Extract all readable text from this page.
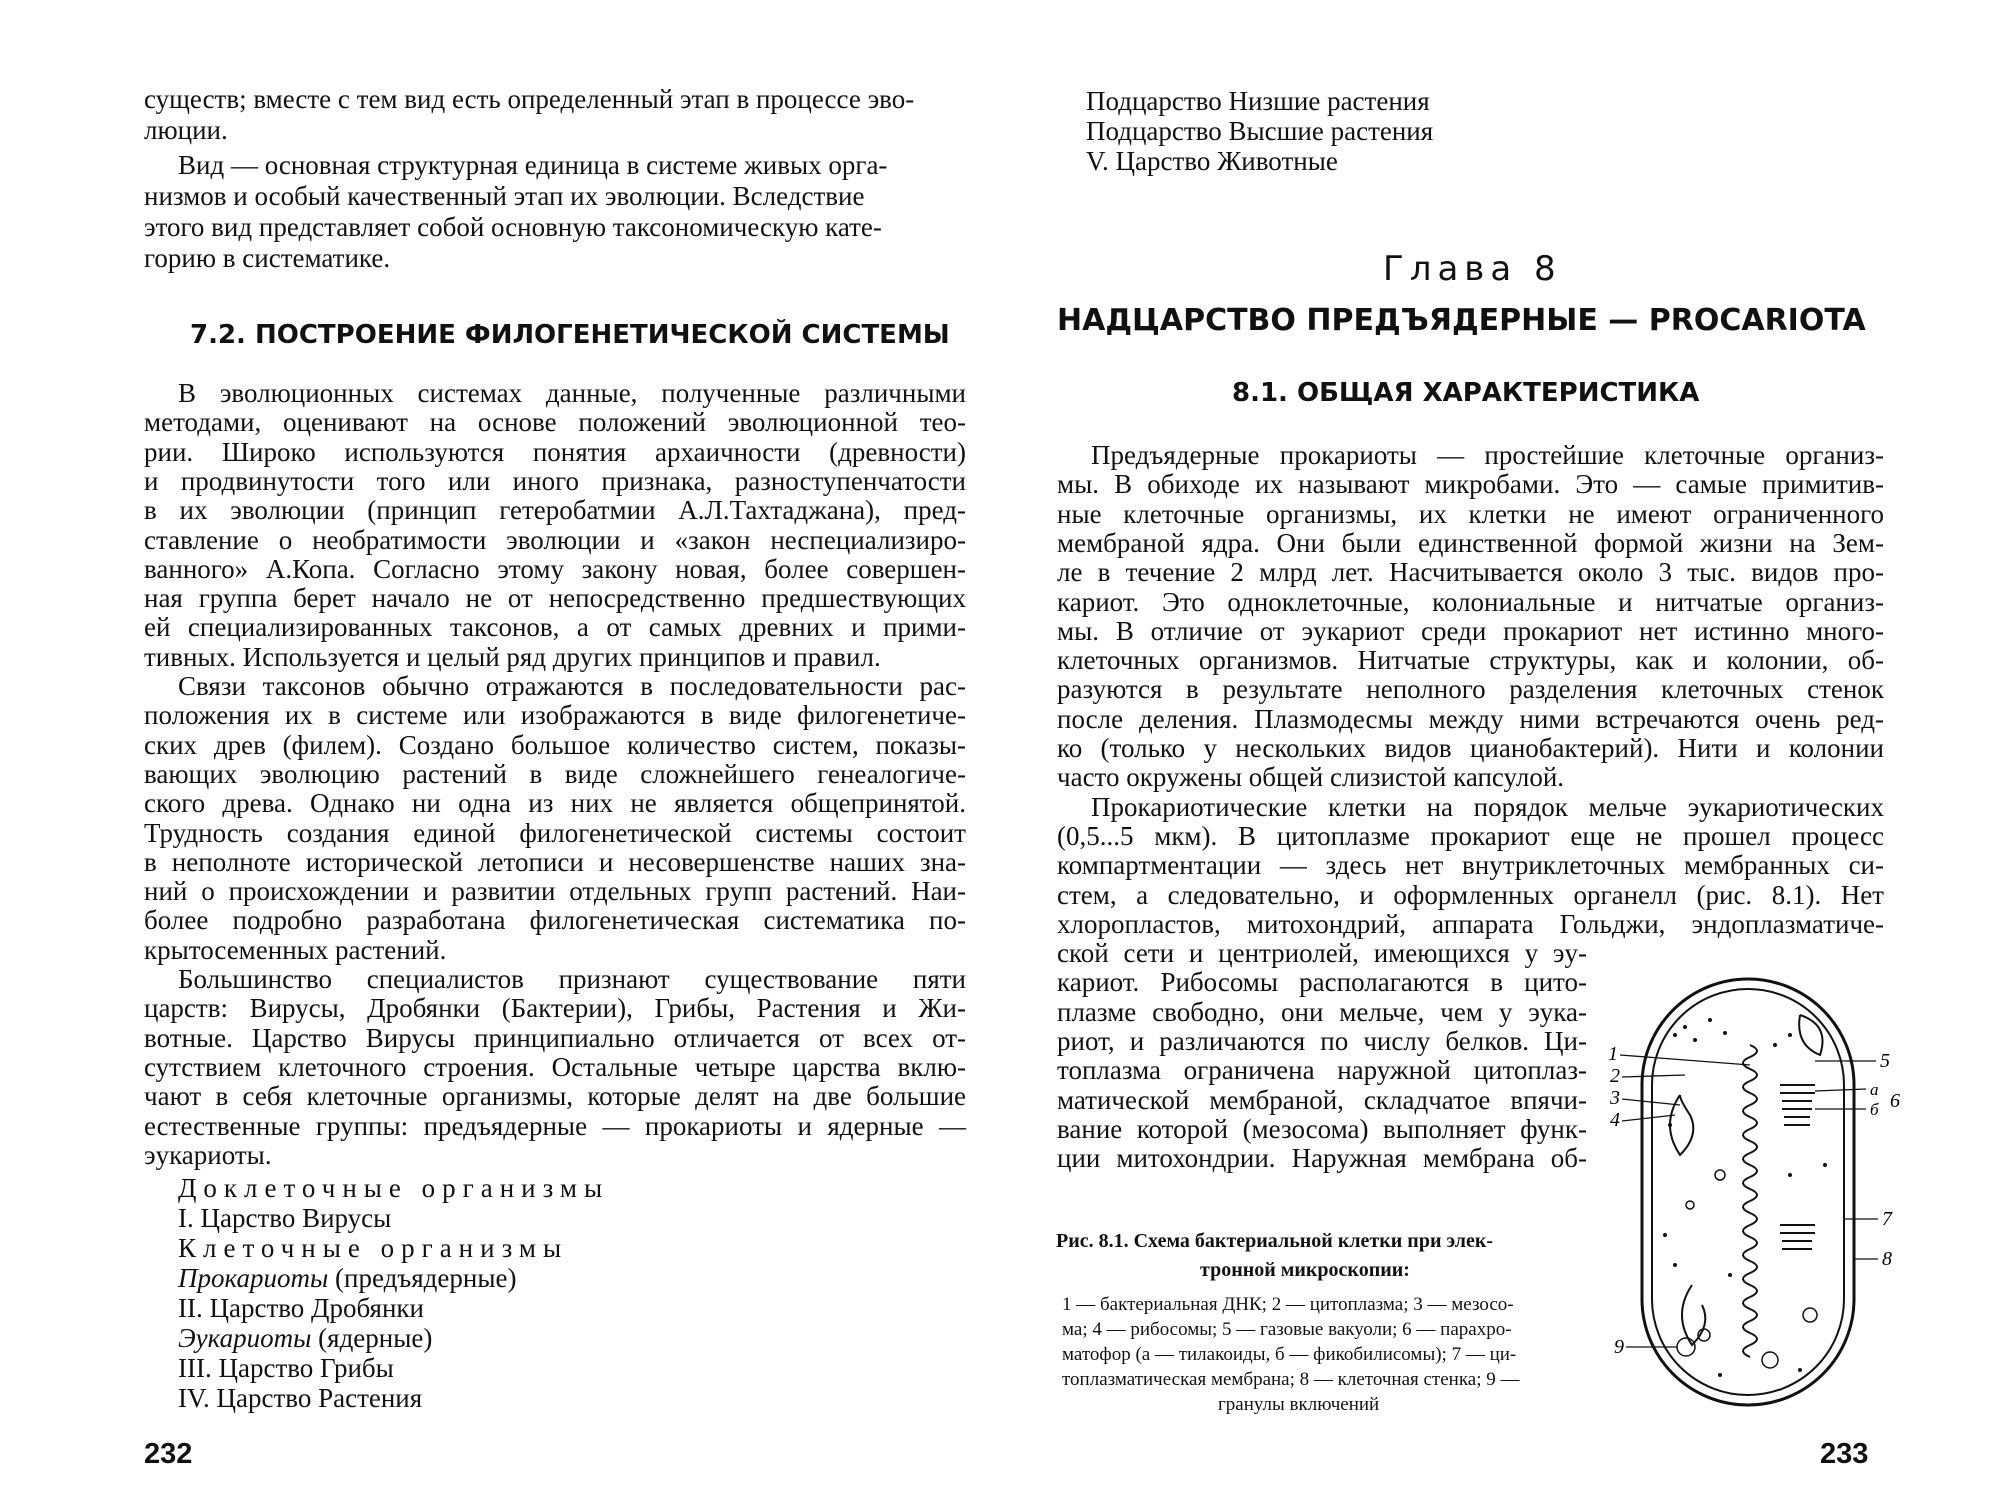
существ; вместе с тем вид есть определенный этап в процессе эво-
люции.
Вид — основная структурная единица в системе живых орга-
низмов и особый качественный этап их эволюции. Вследствие
этого вид представляет собой основную таксономическую кате-
горию в систематике.
7.2. ПОСТРОЕНИЕ ФИЛОГЕНЕТИЧЕСКОЙ СИСТЕМЫ
В эволюционных системах данные, полученные различными
методами, оценивают на основе положений эволюционной тео-
рии. Широко используются понятия архаичности (древности)
и продвинутости того или иного признака, разноступенчатости
в их эволюции (принцип гетеробатмии А.Л.Тахтаджана), пред-
ставление о необратимости эволюции и «закон неспециализиро-
ванного» А.Копа. Согласно этому закону новая, более совершен-
ная группа берет начало не от непосредственно предшествующих
ей специализированных таксонов, а от самых древних и прими-
тивных. Используется и целый ряд других принципов и правил.
Связи таксонов обычно отражаются в последовательности рас-
положения их в системе или изображаются в виде филогенетиче-
ских древ (филем). Создано большое количество систем, показы-
вающих эволюцию растений в виде сложнейшего генеалогиче-
ского древа. Однако ни одна из них не является общепринятой.
Трудность создания единой филогенетической системы состоит
в неполноте исторической летописи и несовершенстве наших зна-
ний о происхождении и развитии отдельных групп растений. Наи-
более подробно разработана филогенетическая систематика по-
крытосеменных растений.
Большинство специалистов признают существование пяти
царств: Вирусы, Дробянки (Бактерии), Грибы, Растения и Жи-
вотные. Царство Вирусы принципиально отличается от всех от-
сутствием клеточного строения. Остальные четыре царства вклю-
чают в себя клеточные организмы, которые делят на две большие
естественные группы: предъядерные — прокариоты и ядерные —
эукариоты.
Доклеточные организмы
I. Царство Вирусы
Клеточные организмы
Прокариоты (предъядерные)
II. Царство Дробянки
Эукариоты (ядерные)
III. Царство Грибы
IV. Царство Растения
232
Подцарство Низшие растения
Подцарство Высшие растения
V. Царство Животные
Глава 8
НАДЦАРСТВО ПРЕДЪЯДЕРНЫЕ — PROCARIOTA
8.1. ОБЩАЯ ХАРАКТЕРИСТИКА
Предъядерные прокариоты — простейшие клеточные организ-
мы. В обиходе их называют микробами. Это — самые примитив-
ные клеточные организмы, их клетки не имеют ограниченного
мембраной ядра. Они были единственной формой жизни на Зем-
ле в течение 2 млрд лет. Насчитывается около 3 тыс. видов про-
кариот. Это одноклеточные, колониальные и нитчатые организ-
мы. В отличие от эукариот среди прокариот нет истинно много-
клеточных организмов. Нитчатые структуры, как и колонии, об-
разуются в результате неполного разделения клеточных стенок
после деления. Плазмодесмы между ними встречаются очень ред-
ко (только у нескольких видов цианобактерий). Нити и колонии
часто окружены общей слизистой капсулой.
Прокариотические клетки на порядок мельче эукариотических
(0,5...5 мкм). В цитоплазме прокариот еще не прошел процесс
компартментации — здесь нет внутриклеточных мембранных си-
стем, а следовательно, и оформленных органелл (рис. 8.1). Нет
хлоропластов, митохондрий, аппарата Гольджи, эндоплазматиче-
ской сети и центриолей, имеющихся у эу-
кариот. Рибосомы располагаются в цито-
плазме свободно, они мельче, чем у эука-
риот, и различаются по числу белков. Ци-
топлазма ограничена наружной цитоплаз-
матической мембраной, складчатое впячи-
вание которой (мезосома) выполняет функ-
ции митохондрии. Наружная мембрана об-
Рис. 8.1. Схема бактериальной клетки при элек-
тронной микроскопии:
1 — бактериальная ДНК; 2 — цитоплазма; 3 — мезосо-
ма; 4 — рибосомы; 5 — газовые вакуоли; 6 — парахро-
матофор (а — тилакоиды, б — фикобилисомы); 7 — ци-
топлазматическая мембрана; 8 — клеточная стенка; 9 —
гранулы включений
1
2
3
4
5
а
б 6
7
8
9
233
